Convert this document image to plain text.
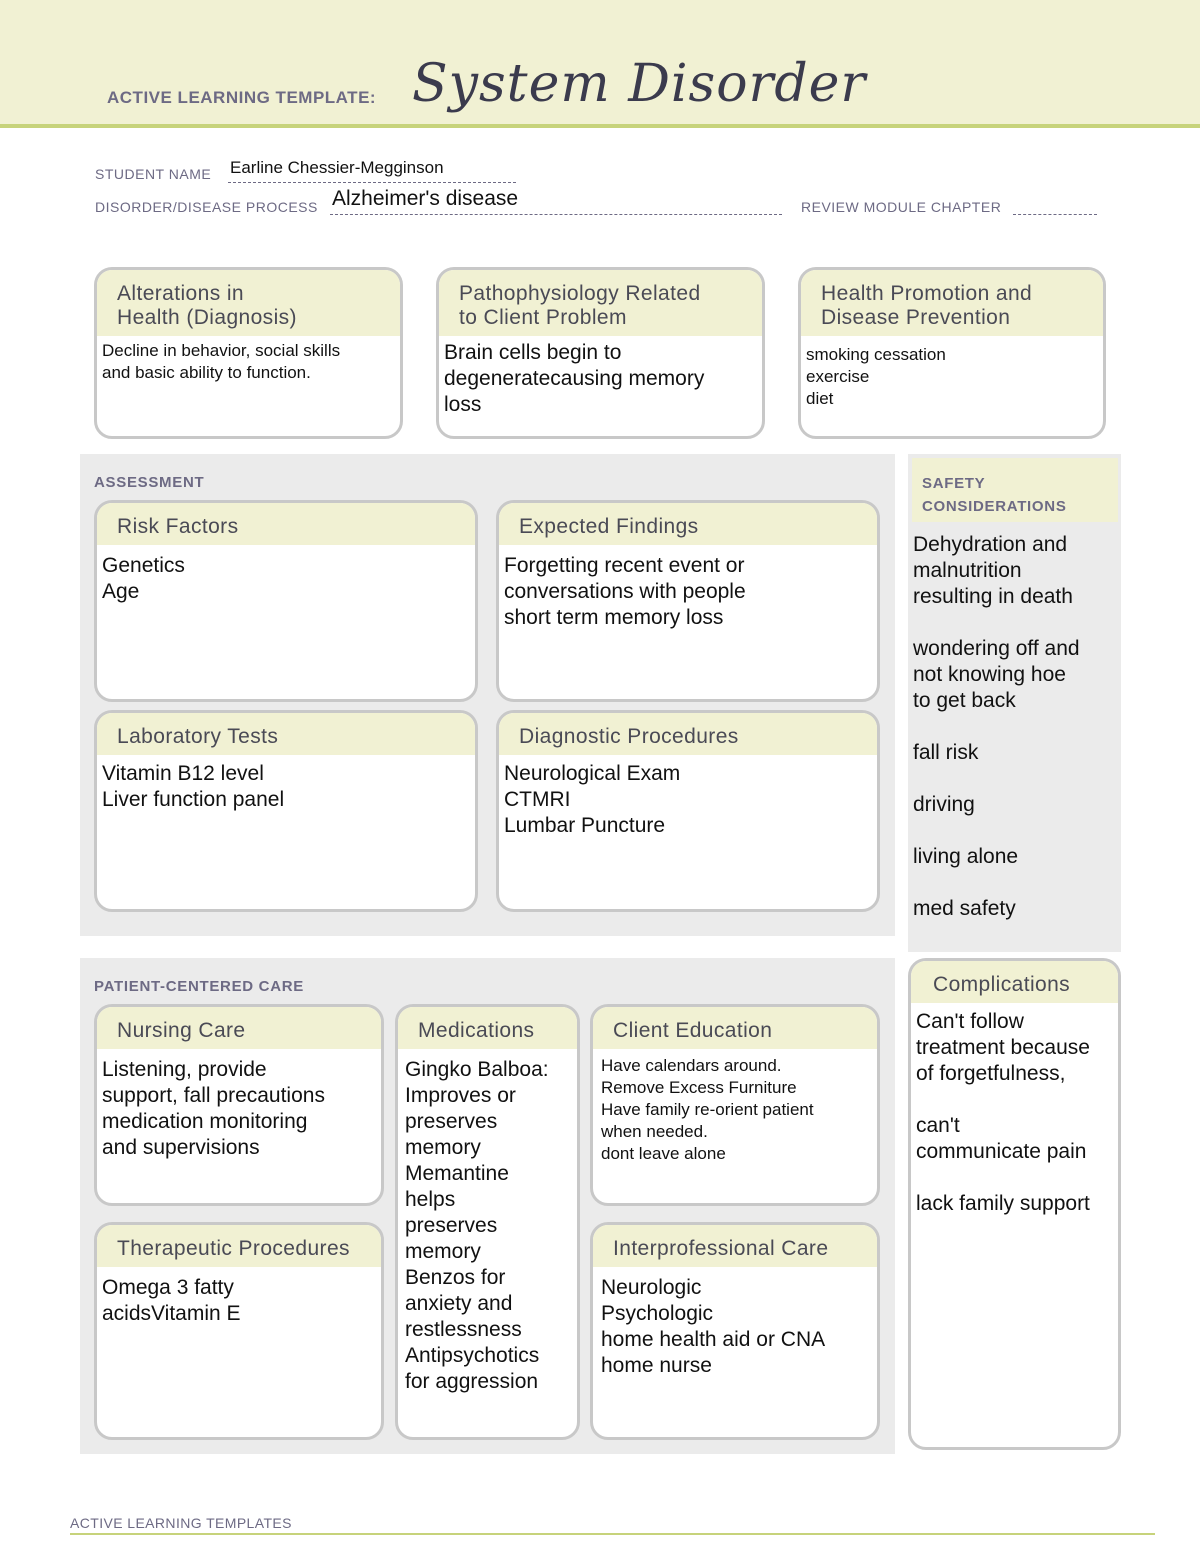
ACTIVE LEARNING TEMPLATE: System Disorder
STUDENT NAME Earline Chessier-Megginson
DISORDER/DISEASE PROCESS Alzheimer's disease	REVIEW MODULE CHAPTER
Alterations in
Health (Diagnosis)
Decline in behavior, social skills
and basic ability to function.
Pathophysiology Related
to Client Problem
Brain cells begin to
degeneratecausing memory
loss
Health Promotion and
Disease Prevention
smoking cessation
exercise
diet
ASSESSMENT
Risk Factors
Genetics
Age
Expected Findings
Forgetting recent event or
conversations with people
short term memory loss
Laboratory Tests
Vitamin B12 level
Liver function panel
Diagnostic Procedures
Neurological Exam
CTMRI
Lumbar Puncture
SAFETY
CONSIDERATIONS
Dehydration and
malnutrition
resulting in death

wondering off and
not knowing hoe
to get back

fall risk

driving

living alone

med safety
PATIENT-CENTERED CARE
Nursing Care
Listening, provide
support, fall precautions
medication monitoring
and supervisions
Medications
Gingko Balboa:
Improves or
preserves
memory
Memantine
helps
preserves
memory
Benzos for
anxiety and
restlessness
Antipsychotics
for aggression
Client Education
Have calendars around.
Remove Excess Furniture
Have family re-orient patient
when needed.
dont leave alone
Therapeutic Procedures
Omega 3 fatty
acidsVitamin E
Interprofessional Care
Neurologic
Psychologic
home health aid or CNA
home nurse
Complications
Can't follow
treatment because
of forgetfulness,

can't
communicate pain

lack family support
ACTIVE LEARNING TEMPLATES
